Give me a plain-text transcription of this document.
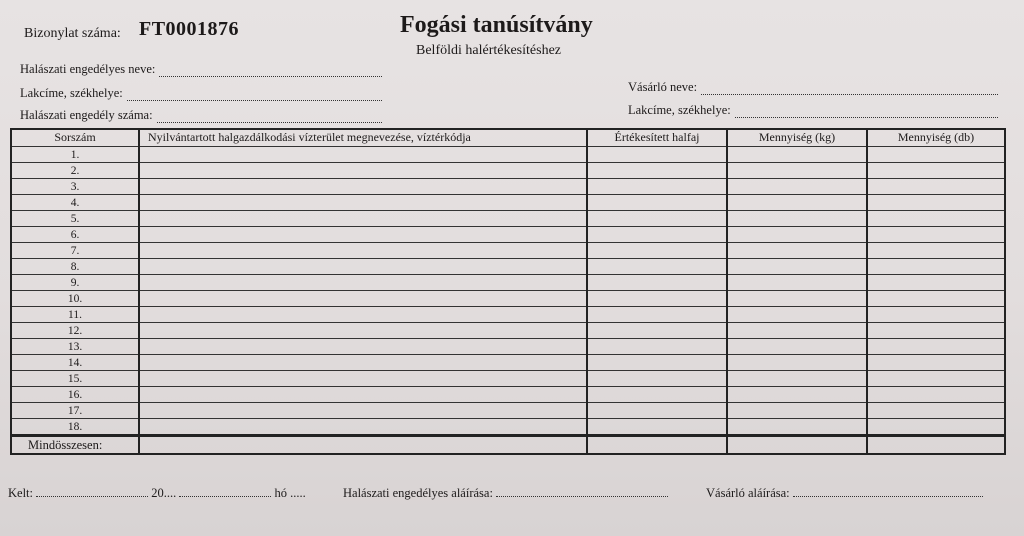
Bizonylat száma: FT0001876	Fogási tanúsítvány
Belföldi halértékesítéshez
Halászati engedélyes neve:
Lakcíme, székhelye:
Halászati engedély száma:
Vásárló neve:
Lakcíme, székhelye:
Sorszám	Nyilvántartott halgazdálkodási vízterület megnevezése, víztérkódja	Értékesített halfaj	Mennyiség (kg)	Mennyiség (db)
1.				
2.				
3.				
4.				
5.				
6.				
7.				
8.				
9.				
10.				
11.				
12.				
13.				
14.				
15.				
16.				
17.				
18.				
Mindösszesen:				
Kelt:	20....	hó .....	Halászati engedélyes aláírása:	Vásárló aláírása:
